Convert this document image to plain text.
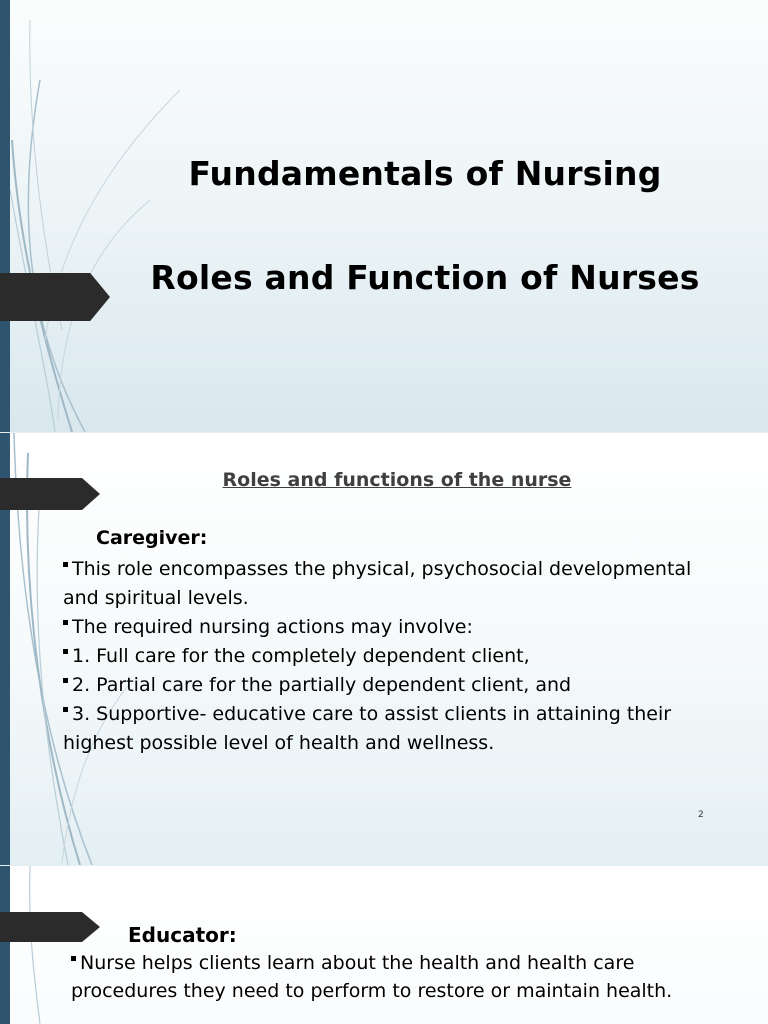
Fundamentals of Nursing
Roles and Function of Nurses
Roles and functions of the nurse
Caregiver:

This role encompasses the physical, psychosocial developmental and spiritual levels.

The required nursing actions may involve:

1. Full care for the completely dependent client,

2. Partial care for the partially dependent client, and

3. Supportive- educative care to assist clients in attaining their highest possible level of health and wellness.

2
Educator:

Nurse helps clients learn about the health and health care procedures they need to perform to restore or maintain health.
